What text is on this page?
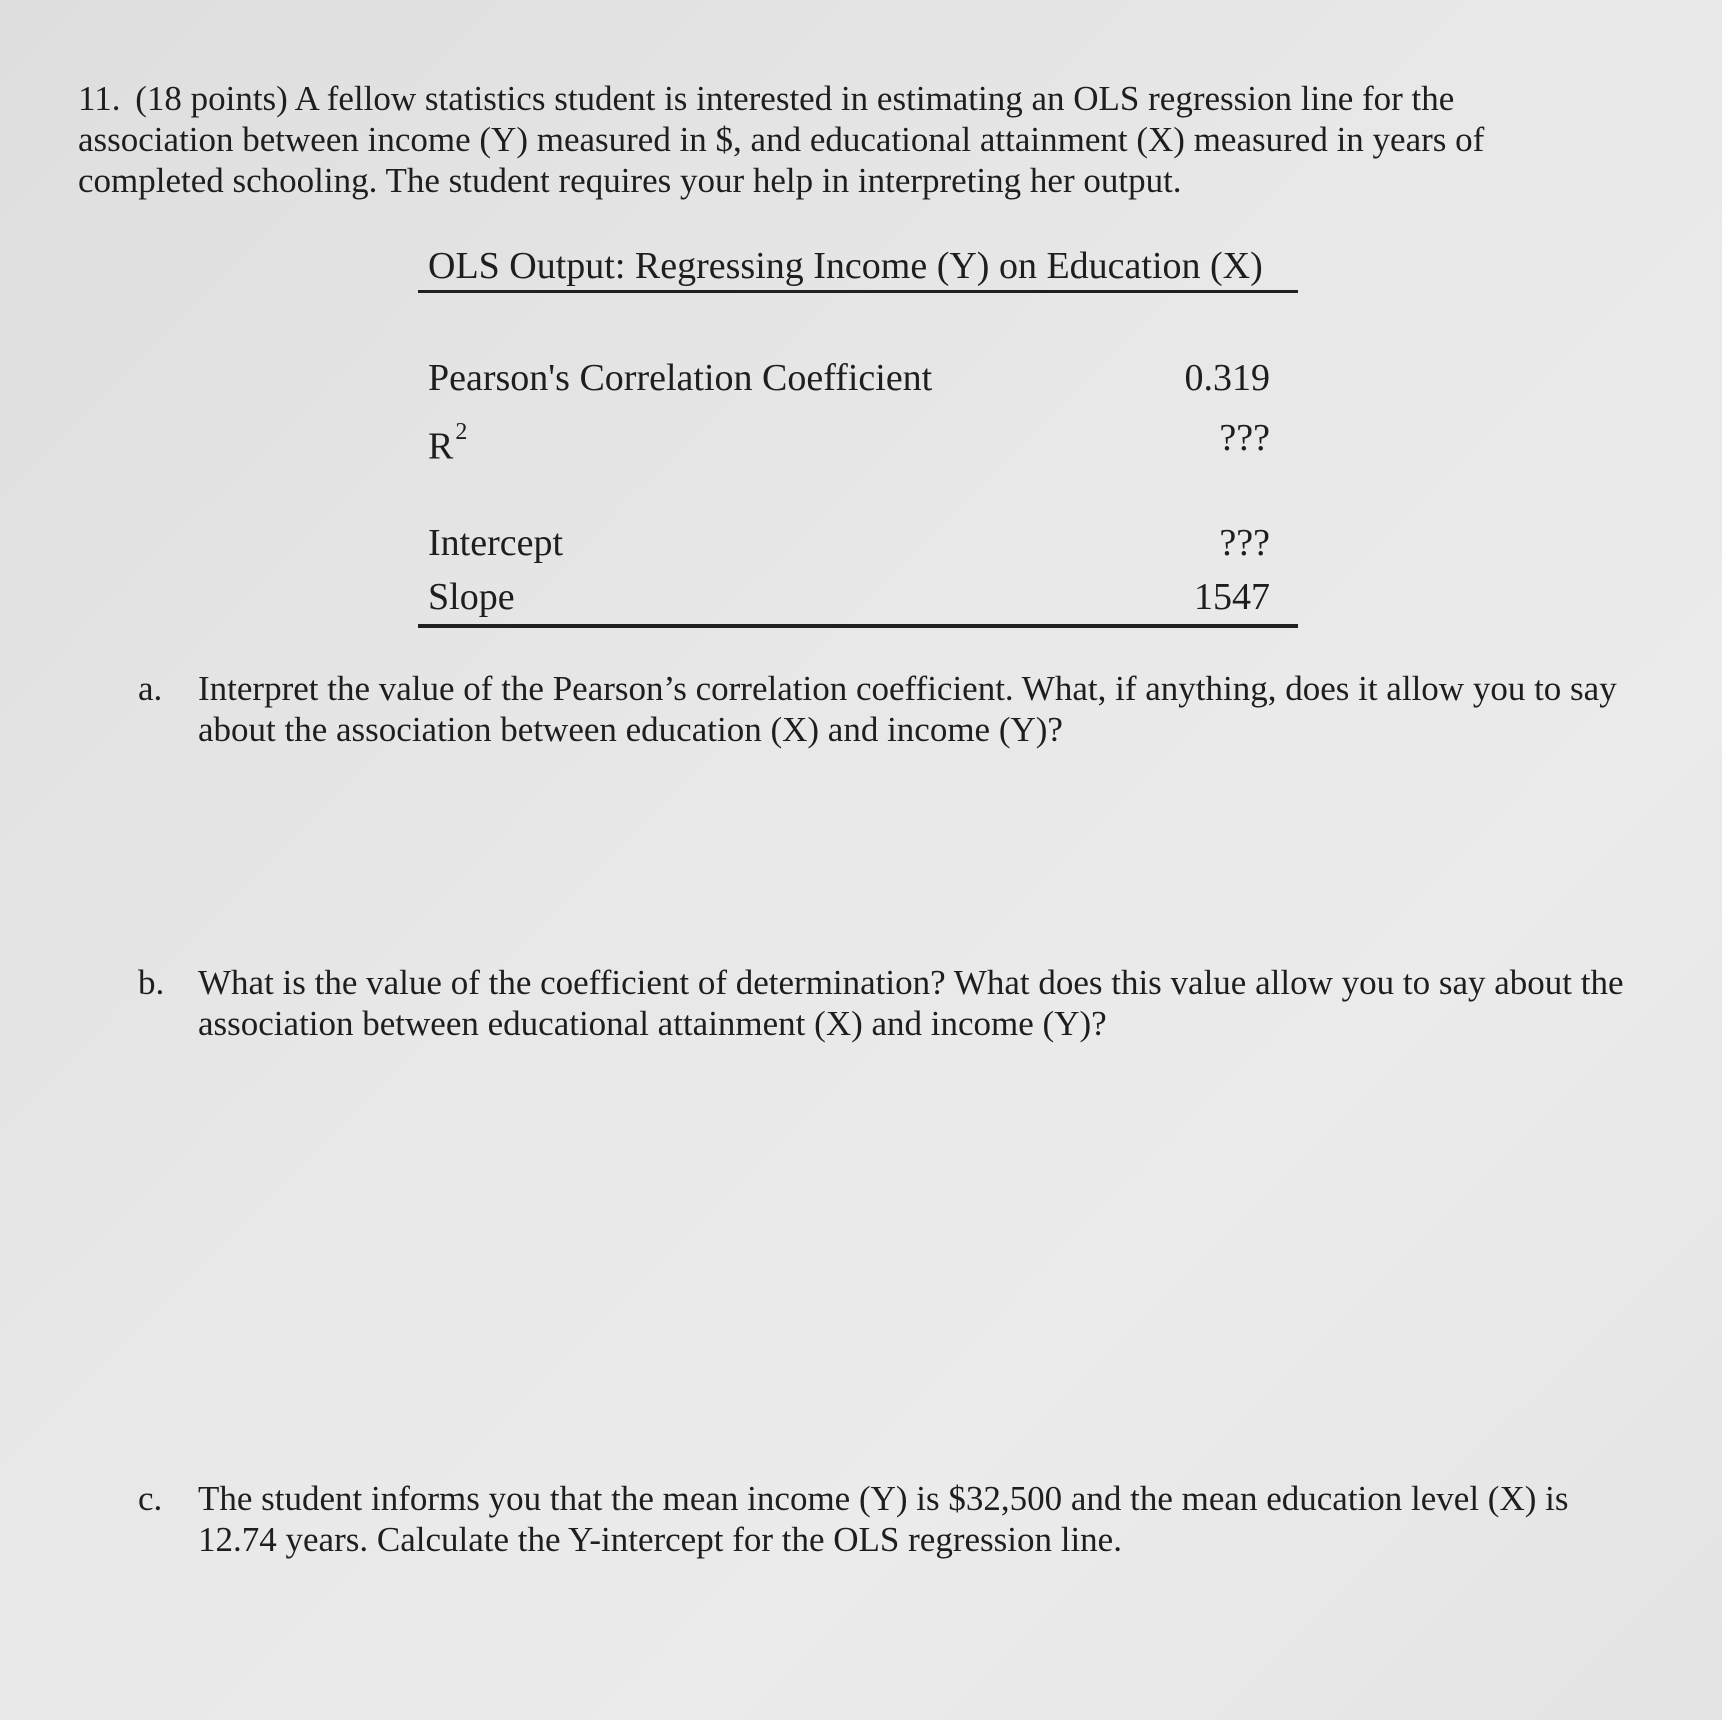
11. (18 points) A fellow statistics student is interested in estimating an OLS regression line for the association between income (Y) measured in $, and educational attainment (X) measured in years of completed schooling. The student requires your help in interpreting her output.
OLS Output: Regressing Income (Y) on Education (X)
Pearson's Correlation Coefficient	0.319
$R^2$	???
Intercept	???
Slope	1547
a. Interpret the value of the Pearson’s correlation coefficient. What, if anything, does it allow you to say about the association between education (X) and income (Y)?
b. What is the value of the coefficient of determination? What does this value allow you to say about the association between educational attainment (X) and income (Y)?
c. The student informs you that the mean income (Y) is $32,500 and the mean education level (X) is 12.74 years. Calculate the Y-intercept for the OLS regression line.
